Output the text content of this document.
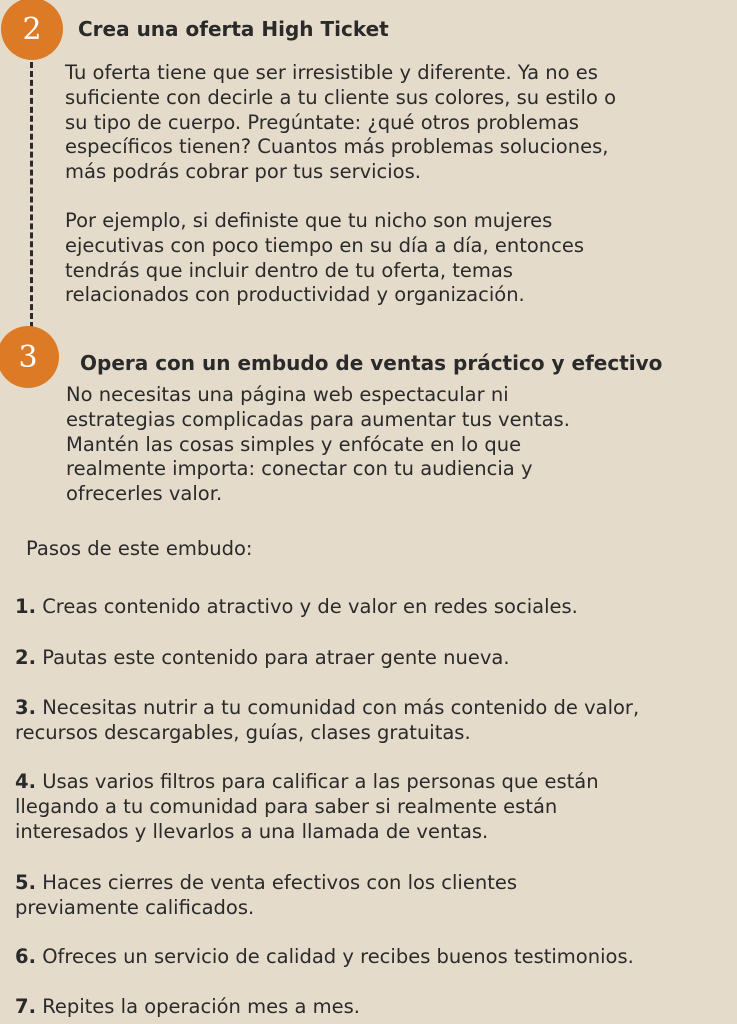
2 Crea una oferta High Ticket

Tu oferta tiene que ser irresistible y diferente. Ya no es
suficiente con decirle a tu cliente sus colores, su estilo o
su tipo de cuerpo. Pregúntate: ¿qué otros problemas
específicos tienen? Cuantos más problemas soluciones,
más podrás cobrar por tus servicios.

Por ejemplo, si definiste que tu nicho son mujeres
ejecutivas con poco tiempo en su día a día, entonces
tendrás que incluir dentro de tu oferta, temas
relacionados con productividad y organización.

3 Opera con un embudo de ventas práctico y efectivo

No necesitas una página web espectacular ni
estrategias complicadas para aumentar tus ventas.
Mantén las cosas simples y enfócate en lo que
realmente importa: conectar con tu audiencia y
ofrecerles valor.

Pasos de este embudo:

1. Creas contenido atractivo y de valor en redes sociales.

2. Pautas este contenido para atraer gente nueva.

3. Necesitas nutrir a tu comunidad con más contenido de valor,
recursos descargables, guías, clases gratuitas.

4. Usas varios filtros para calificar a las personas que están
llegando a tu comunidad para saber si realmente están
interesados y llevarlos a una llamada de ventas.

5. Haces cierres de venta efectivos con los clientes
previamente calificados.

6. Ofreces un servicio de calidad y recibes buenos testimonios.

7. Repites la operación mes a mes.
